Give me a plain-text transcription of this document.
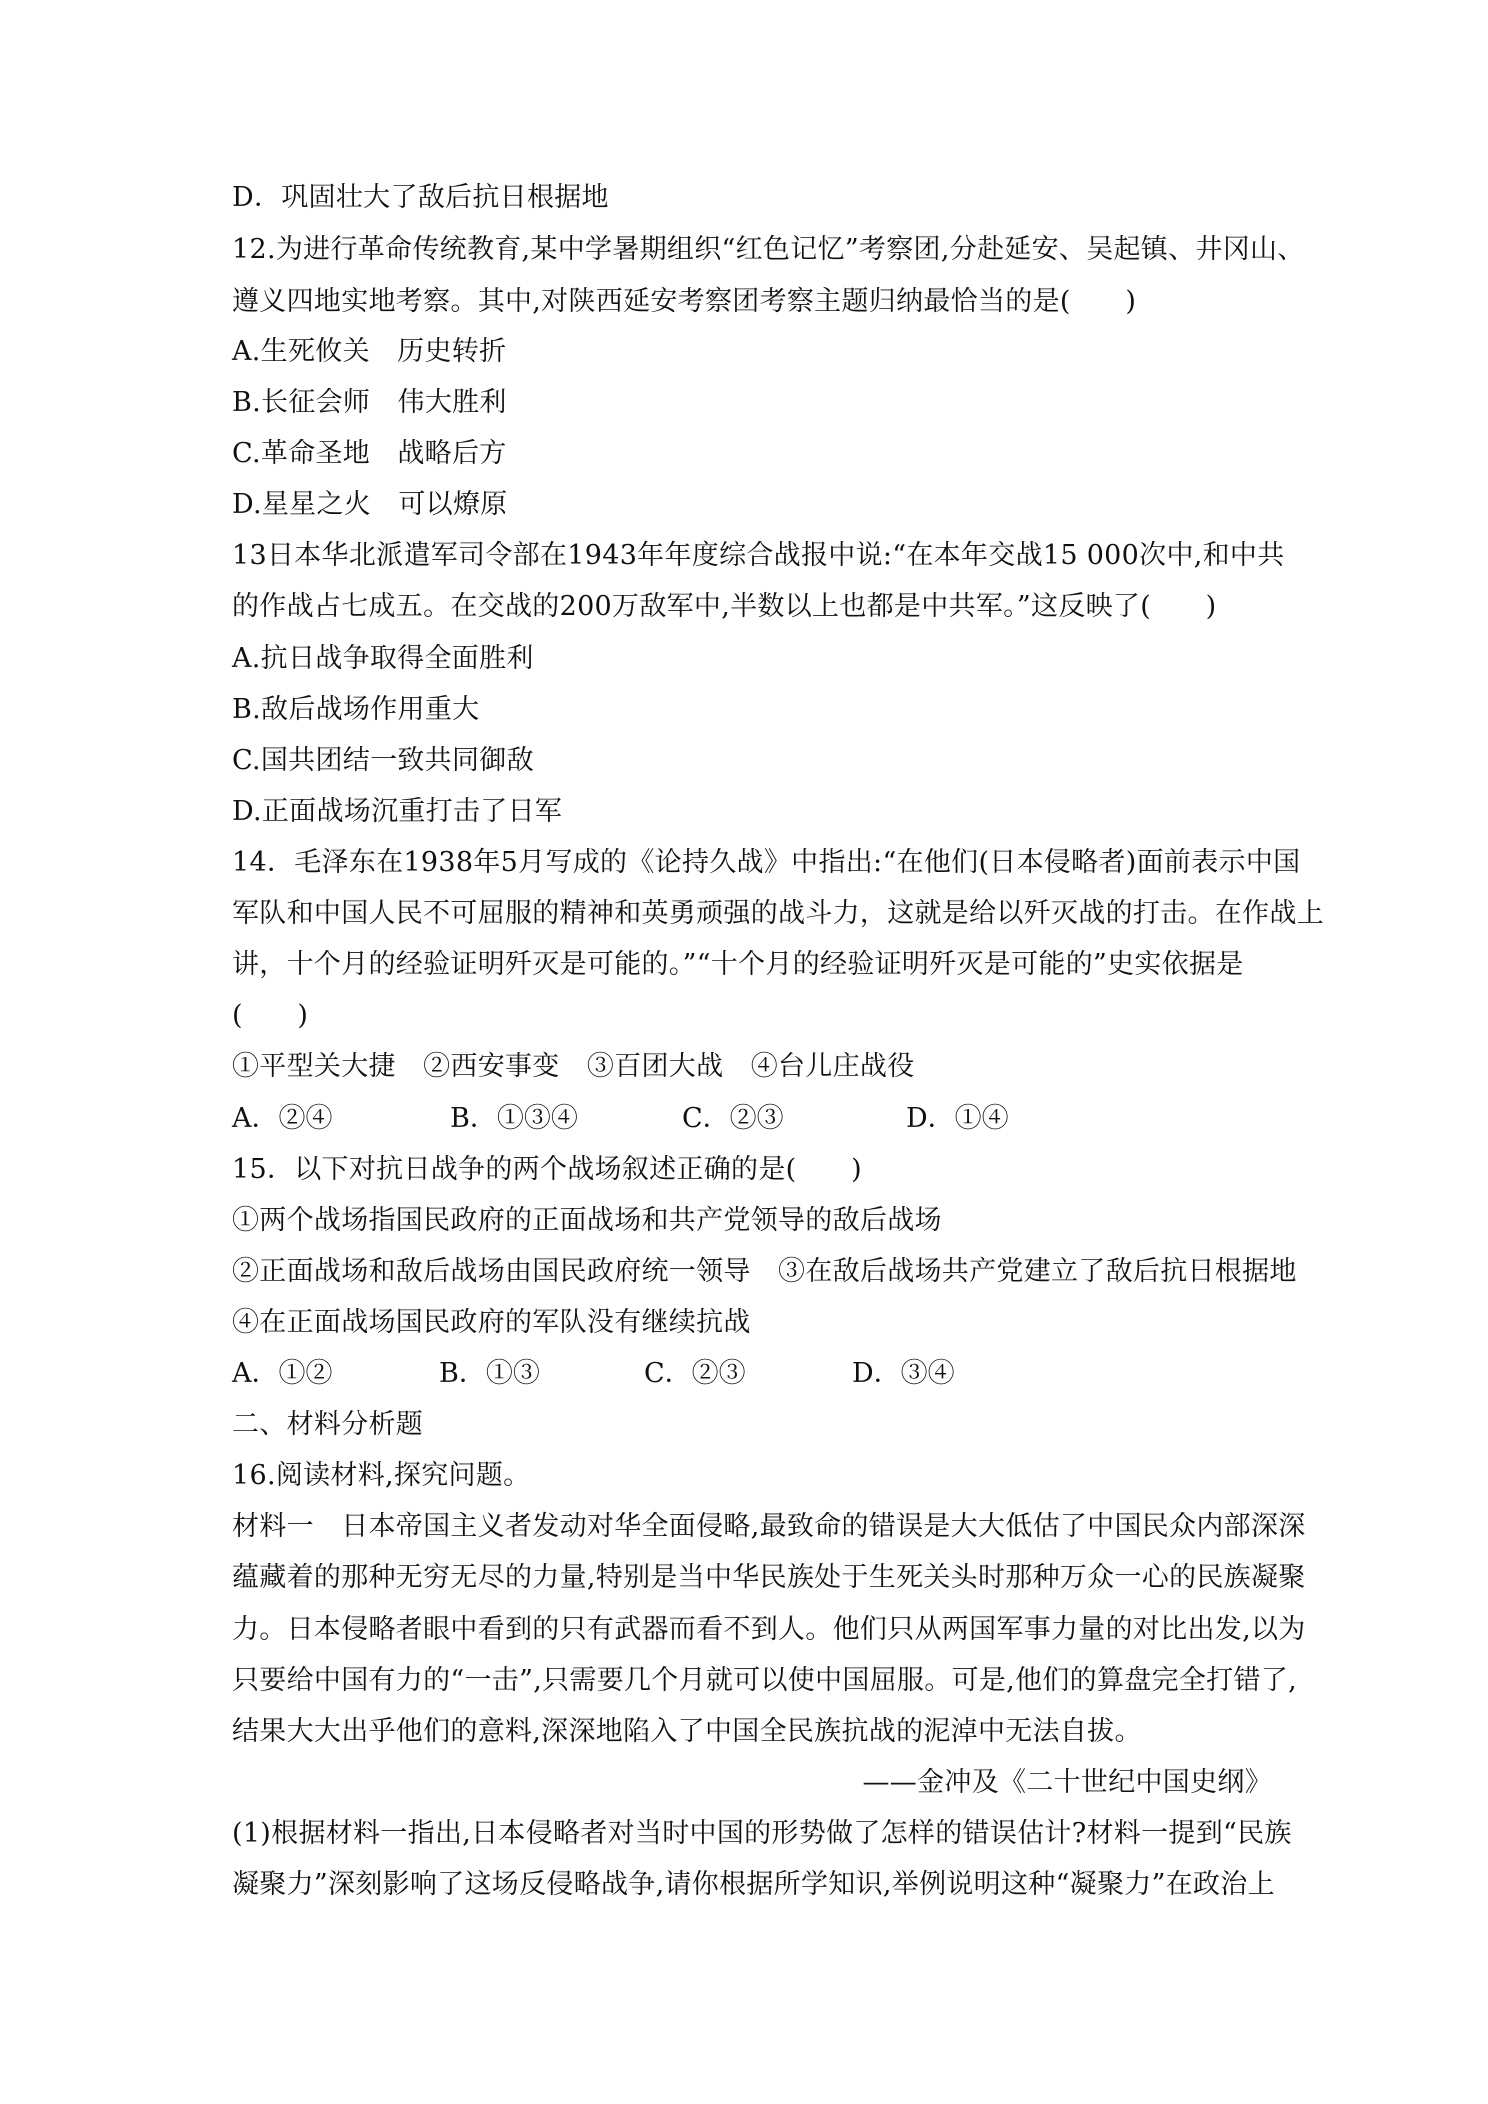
D．巩固壮大了敌后抗日根据地
12.为进行革命传统教育,某中学暑期组织“红色记忆”考察团,分赴延安、吴起镇、井冈山、
遵义四地实地考察。其中,对陕西延安考察团考察主题归纳最恰当的是(　　)
A.生死攸关　历史转折
B.长征会师　伟大胜利
C.革命圣地　战略后方
D.星星之火　可以燎原
13日本华北派遣军司令部在1943年年度综合战报中说:“在本年交战15 000次中,和中共
的作战占七成五。在交战的200万敌军中,半数以上也都是中共军。”这反映了(　　)
A.抗日战争取得全面胜利
B.敌后战场作用重大
C.国共团结一致共同御敌
D.正面战场沉重打击了日军
14．毛泽东在1938年5月写成的《论持久战》中指出:“在他们(日本侵略者)面前表示中国
军队和中国人民不可屈服的精神和英勇顽强的战斗力，这就是给以歼灭战的打击。在作战上
讲，十个月的经验证明歼灭是可能的。”“十个月的经验证明歼灭是可能的”史实依据是
(　　)
①平型关大捷　②西安事变　③百团大战　④台儿庄战役
A．②④	B．①③④	C．②③	D．①④
15．以下对抗日战争的两个战场叙述正确的是(　　)
①两个战场指国民政府的正面战场和共产党领导的敌后战场
②正面战场和敌后战场由国民政府统一领导　③在敌后战场共产党建立了敌后抗日根据地
④在正面战场国民政府的军队没有继续抗战
A．①②	B．①③	C．②③	D．③④
二、材料分析题
16.阅读材料,探究问题。
材料一　日本帝国主义者发动对华全面侵略,最致命的错误是大大低估了中国民众内部深深
蕴藏着的那种无穷无尽的力量,特别是当中华民族处于生死关头时那种万众一心的民族凝聚
力。日本侵略者眼中看到的只有武器而看不到人。他们只从两国军事力量的对比出发,以为
只要给中国有力的“一击”,只需要几个月就可以使中国屈服。可是,他们的算盘完全打错了,
结果大大出乎他们的意料,深深地陷入了中国全民族抗战的泥淖中无法自拔。
——金冲及《二十世纪中国史纲》
(1)根据材料一指出,日本侵略者对当时中国的形势做了怎样的错误估计?材料一提到“民族
凝聚力”深刻影响了这场反侵略战争,请你根据所学知识,举例说明这种“凝聚力”在政治上
